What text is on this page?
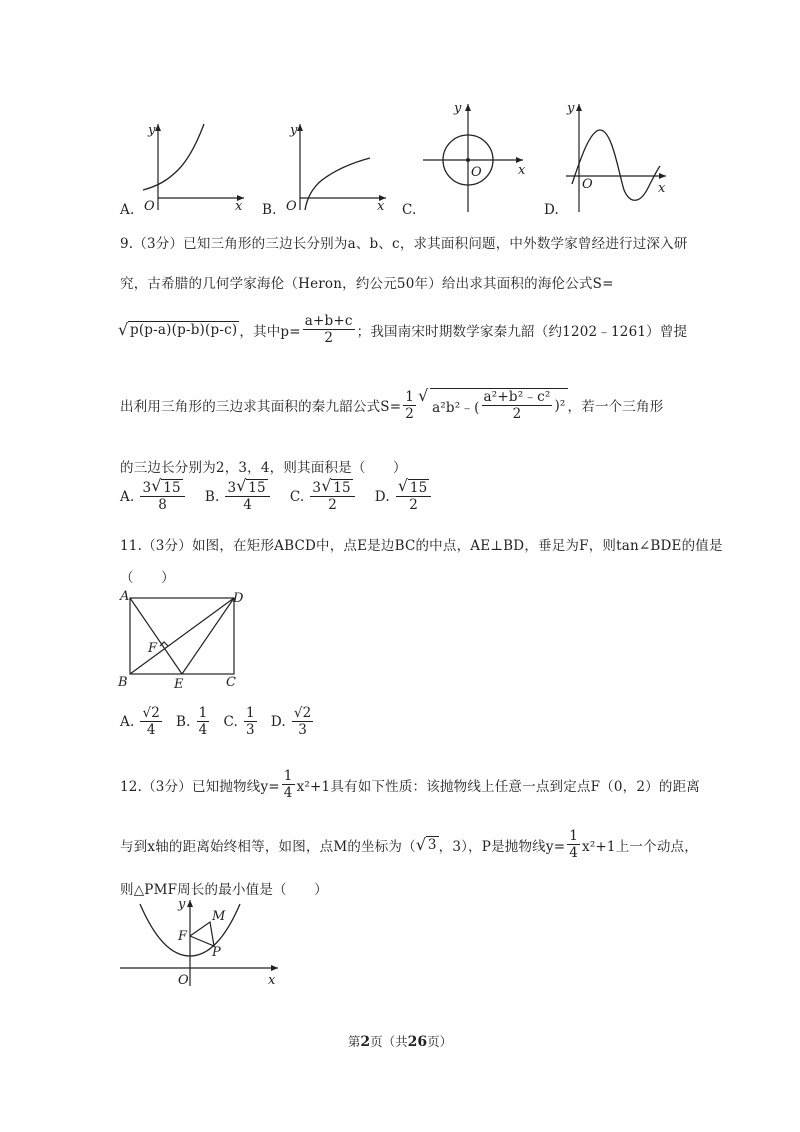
A.
y
x
O	B.
y
x
O	C.
y
x
O
D.
y
x
O
9.（3分）已知三角形的三边长分别为a、b、c，求其面积问题，中外数学家曾经进行过深入研
究，古希腊的几何学家海伦（Heron，约公元50年）给出求其面积的海伦公式S=
√ p(p-a)(p-b)(p-c) ，其中$p= \frac{a+b+c}{2}$ ；我国南宋时期数学家秦九韶（约1202﹣1261）曾提
出利用三角形的三边求其面积的秦九韶公式$S= \frac{1}{2}$ √ a²b²﹣( $\frac{\text{a²+b²﹣c²}}{2} )^2$ ，若一个三角形
的三边长分别为2，3，4，则其面积是（　　）
A. $\frac{3 √ 15}{8} B$. $\frac{3 √ 15}{4} C$. $\frac{3 √ 15}{2} D$. √ $\frac{15}{2}$
11.（3分）如图，在矩形ABCD中，点E是边BC的中点，AE⊥BD，垂足为F，则tan∠BDE的值是
（　　）
A
B	C
D
E
F
A. $\frac{√2}{4} B$. $\frac{1}{4} C$. $\frac{1}{3} D$. $\frac{√2}{3}$
12.（3分）已知抛物线$y= \frac{1}{4} x^2+1$具有如下性质：该抛物线上任意一点到定点F（0，2）的距离
与到x轴的距离始终相等，如图，点M的坐标为（ √ 3 ，3），P是抛物线$y= \frac{1}{4} x^2+1$上一个动点，
则△PMF周长的最小值是（　　）
y
x
O
F
M
P
第2页（共26页）
